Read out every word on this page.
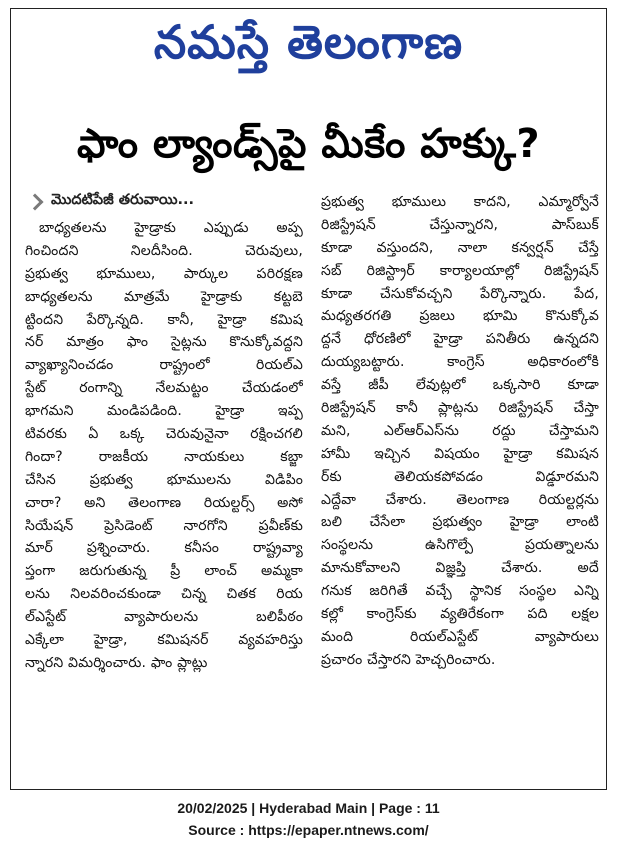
నమస్తే తెలంగాణ
ఫాం ల్యాండ్స్‌పై మీకేం హక్కు?
మొదటిపేజీ తరువాయి...
బాధ్యతలను హైడ్రాకు ఎప్పుడు అప్ప
గించిందని నిలదీసింది. చెరువులు,
ప్రభుత్వ భూములు, పార్కుల పరిరక్షణ
బాధ్యతలను మాత్రమే హైడ్రాకు కట్టబె
ట్టిందని పేర్కొన్నది. కానీ, హైడ్రా కమిష
నర్ మాత్రం ఫాం సైట్లను కొనుక్కోవద్దని
వ్యాఖ్యానించడం రాష్ట్రంలో రియల్‌ఎ
స్టేట్ రంగాన్ని నేలమట్టం చేయడంలో
భాగమని మండిపడింది. హైడ్రా ఇప్ప
టివరకు ఏ ఒక్క చెరువునైనా రక్షించగలి
గిందా? రాజకీయ నాయకులు కబ్జా
చేసిన ప్రభుత్వ భూములను విడిపిం
చారా? అని తెలంగాణ రియల్టర్స్ అసో
సియేషన్ ప్రెసిడెంట్ నారగోని ప్రవీణ్‌కు
మార్ ప్రశ్నించారు. కనీసం రాష్ట్రవ్యా
ప్తంగా జరుగుతున్న ప్రీ లాంచ్ అమ్మకా
లను నిలవరించకుండా చిన్న చితక రియ
ల్‌ఎస్టేట్ వ్యాపారులను బలిపీఠం
ఎక్కేలా హైడ్రా, కమిషనర్ వ్యవహరిస్తు
న్నారని విమర్శించారు. ఫాం ప్లాట్లు
ప్రభుత్వ భూములు కాదని, ఎమ్మార్వోనే
రిజిస్ట్రేషన్ చేస్తున్నారని, పాస్‌బుక్
కూడా వస్తుందని, నాలా కన్వర్షన్ చేస్తే
సబ్ రిజిస్ట్రార్ కార్యాలయాల్లో రిజిస్ట్రేషన్
కూడా చేసుకోవచ్చని పేర్కొన్నారు. పేద,
మధ్యతరగతి ప్రజలు భూమి కొనుక్కోవ
ద్దనే ధోరణిలో హైడ్రా పనితీరు ఉన్నదని
దుయ్యబట్టారు. కాంగ్రెస్ అధికారంలోకి
వస్తే జీపీ లేవుట్లలో ఒక్కసారి కూడా
రిజిస్ట్రేషన్ కానీ ప్లాట్లను రిజిస్ట్రేషన్ చేస్తా
మని, ఎల్‌ఆర్‌ఎస్‌ను రద్దు చేస్తామని
హామీ ఇచ్చిన విషయం హైడ్రా కమిషన
ర్‌కు తెలియకపోవడం విడ్డూరమని
ఎద్దేవా చేశారు. తెలంగాణ రియల్టర్లను
బలి చేసేలా ప్రభుత్వం హైడ్రా లాంటి
సంస్థలను ఉసిగొల్పే ప్రయత్నాలను
మానుకోవాలని విజ్ఞప్తి చేశారు. అదే
గనుక జరిగితే వచ్చే స్థానిక సంస్థల ఎన్ని
కల్లో కాంగ్రెస్‌కు వ్యతిరేకంగా పది లక్షల
మంది రియల్‌ఎస్టేట్ వ్యాపారులు
ప్రచారం చేస్తారని హెచ్చరించారు.
20/02/2025 | Hyderabad Main | Page : 11
Source : https://epaper.ntnews.com/
